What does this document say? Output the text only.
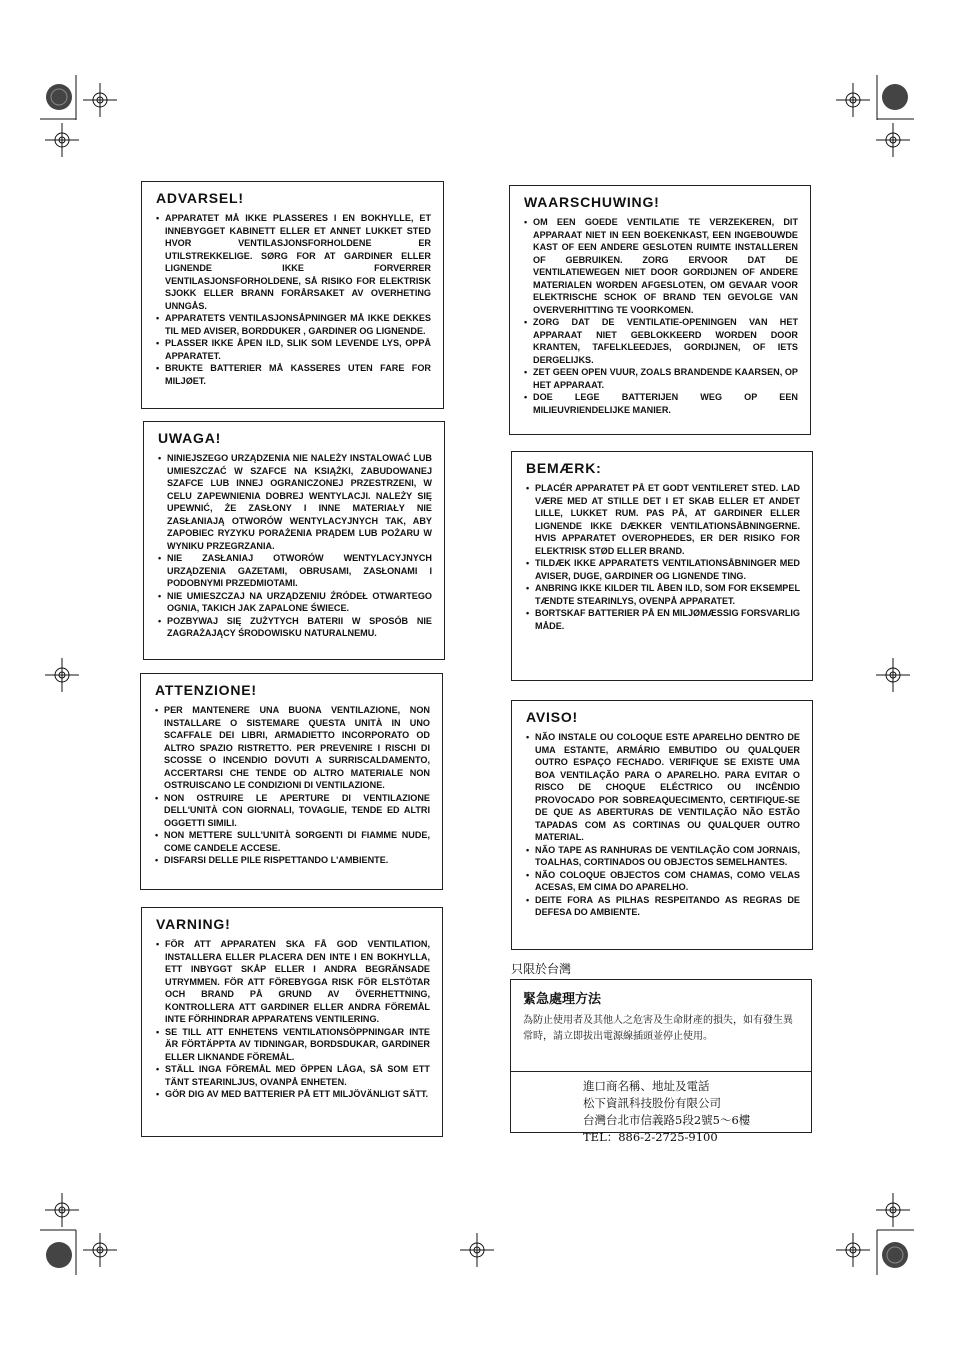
ADVARSEL!
• APPARATET MÅ IKKE PLASSERES I EN BOKHYLLE, ET INNEBYGGET KABINETT ELLER ET ANNET LUKKET STED HVOR VENTILASJONSFORHOLDENE ER UTILSTREKKELIGE. SØRG FOR AT GARDINER ELLER LIGNENDE IKKE FORVERRER VENTILASJONSFORHOLDENE, SÅ RISIKO FOR ELEKTRISK SJOKK ELLER BRANN FORÅRSAKET AV OVERHETING UNNGÅS.
• APPARATETS VENTILASJONSÅPNINGER MÅ IKKE DEKKES TIL MED AVISER, BORDDUKER , GARDINER OG LIGNENDE.
• PLASSER IKKE ÅPEN ILD, SLIK SOM LEVENDE LYS, OPPÅ APPARATET.
• BRUKTE BATTERIER MÅ KASSERES UTEN FARE FOR MILJØET.
UWAGA!
• NINIEJSZEGO URZĄDZENIA NIE NALEŻY INSTALOWAĆ LUB UMIESZCZAĆ W SZAFCE NA KSIĄŻKI, ZABUDOWANEJ SZAFCE LUB INNEJ OGRANICZONEJ PRZESTRZENI, W CELU ZAPEWNIENIA DOBREJ WENTYLACJI. NALEŻY SIĘ UPEWNIĆ, ŻE ZASŁONY I INNE MATERIAŁY NIE ZASŁANIAJĄ OTWORÓW WENTYLACYJNYCH TAK, ABY ZAPOBIEC RYZYKU PORAŻENIA PRĄDEM LUB POŻARU W WYNIKU PRZEGRZANIA.
• NIE ZASŁANIAJ OTWORÓW WENTYLACYJNYCH URZĄDZENIA GAZETAMI, OBRUSAMI, ZASŁONAMI I PODOBNYMI PRZEDMIOTAMI.
• NIE UMIESZCZAJ NA URZĄDZENIU ŹRÓDEŁ OTWARTEGO OGNIA, TAKICH JAK ZAPALONE ŚWIECE.
• POZBYWAJ SIĘ ZUŻYTYCH BATERII W SPOSÓB NIE ZAGRAŻAJĄCY ŚRODOWISKU NATURALNEMU.
ATTENZIONE!
• PER MANTENERE UNA BUONA VENTILAZIONE, NON INSTALLARE O SISTEMARE QUESTA UNITÀ IN UNO SCAFFALE DEI LIBRI, ARMADIETTO INCORPORATO OD ALTRO SPAZIO RISTRETTO. PER PREVENIRE I RISCHI DI SCOSSE O INCENDIO DOVUTI A SURRISCALDAMENTO, ACCERTARSI CHE TENDE OD ALTRO MATERIALE NON OSTRUISCANO LE CONDIZIONI DI VENTILAZIONE.
• NON OSTRUIRE LE APERTURE DI VENTILAZIONE DELL'UNITÀ CON GIORNALI, TOVAGLIE, TENDE ED ALTRI OGGETTI SIMILI.
• NON METTERE SULL'UNITÀ SORGENTI DI FIAMME NUDE, COME CANDELE ACCESE.
• DISFARSI DELLE PILE RISPETTANDO L'AMBIENTE.
VARNING!
• FÖR ATT APPARATEN SKA FÅ GOD VENTILATION, INSTALLERA ELLER PLACERA DEN INTE I EN BOKHYLLA, ETT INBYGGT SKÅP ELLER I ANDRA BEGRÄNSADE UTRYMMEN. FÖR ATT FÖREBYGGA RISK FÖR ELSTÖTAR OCH BRAND PÅ GRUND AV ÖVERHETTNING, KONTROLLERA ATT GARDINER ELLER ANDRA FÖREMÅL INTE FÖRHINDRAR APPARATENS VENTILERING.
• SE TILL ATT ENHETENS VENTILATIONSÖPPNINGAR INTE ÄR FÖRTÄPPTA AV TIDNINGAR, BORDSDUKAR, GARDINER ELLER LIKNANDE FÖREMÅL.
• STÄLL INGA FÖREMÅL MED ÖPPEN LÅGA, SÅ SOM ETT TÄNT STEARINLJUS, OVANPÅ ENHETEN.
• GÖR DIG AV MED BATTERIER PÅ ETT MILJÖVÄNLIGT SÄTT.
WAARSCHUWING!
• OM EEN GOEDE VENTILATIE TE VERZEKEREN, DIT APPARAAT NIET IN EEN BOEKENKAST, EEN INGEBOUWDE KAST OF EEN ANDERE GESLOTEN RUIMTE INSTALLEREN OF GEBRUIKEN. ZORG ERVOOR DAT DE VENTILATIEWEGEN NIET DOOR GORDIJNEN OF ANDERE MATERIALEN WORDEN AFGESLOTEN, OM GEVAAR VOOR ELEKTRISCHE SCHOK OF BRAND TEN GEVOLGE VAN OVERVERHITTING TE VOORKOMEN.
• ZORG DAT DE VENTILATIE-OPENINGEN VAN HET APPARAAT NIET GEBLOKKEERD WORDEN DOOR KRANTEN, TAFELKLEEDJES, GORDIJNEN, OF IETS DERGELIJKS.
• ZET GEEN OPEN VUUR, ZOALS BRANDENDE KAARSEN, OP HET APPARAAT.
• DOE LEGE BATTERIJEN WEG OP EEN MILIEUVRIENDELIJKE MANIER.
BEMÆRK:
• PLACÉR APPARATET PÅ ET GODT VENTILERET STED. LAD VÆRE MED AT STILLE DET I ET SKAB ELLER ET ANDET LILLE, LUKKET RUM. PAS PÅ, AT GARDINER ELLER LIGNENDE IKKE DÆKKER VENTILATIONSÅBNINGERNE. HVIS APPARATET OVEROPHEDES, ER DER RISIKO FOR ELEKTRISK STØD ELLER BRAND.
• TILDÆK IKKE APPARATETS VENTILATIONSÅBNINGER MED AVISER, DUGE, GARDINER OG LIGNENDE TING.
• ANBRING IKKE KILDER TIL ÅBEN ILD, SOM FOR EKSEMPEL TÆNDTE STEARINLYS, OVENPÅ APPARATET.
• BORTSKAF BATTERIER PÅ EN MILJØMÆSSIG FORSVARLIG MÅDE.
AVISO!
• NÃO INSTALE OU COLOQUE ESTE APARELHO DENTRO DE UMA ESTANTE, ARMÁRIO EMBUTIDO OU QUALQUER OUTRO ESPAÇO FECHADO. VERIFIQUE SE EXISTE UMA BOA VENTILAÇÃO PARA O APARELHO. PARA EVITAR O RISCO DE CHOQUE ELÉCTRICO OU INCÊNDIO PROVOCADO POR SOBREAQUECIMENTO, CERTIFIQUE-SE DE QUE AS ABERTURAS DE VENTILAÇÃO NÃO ESTÃO TAPADAS COM AS CORTINAS OU QUALQUER OUTRO MATERIAL.
• NÃO TAPE AS RANHURAS DE VENTILAÇÃO COM JORNAIS, TOALHAS, CORTINADOS OU OBJECTOS SEMELHANTES.
• NÃO COLOQUE OBJECTOS COM CHAMAS, COMO VELAS ACESAS, EM CIMA DO APARELHO.
• DEITE FORA AS PILHAS RESPEITANDO AS REGRAS DE DEFESA DO AMBIENTE.
只限於台灣
緊急處理方法

為防止使用者及其他人之危害及生命財產的損失，如有發生異常時，請立即拔出電源線插頭並停止使用。

進口商名稱、地址及電話
松下資訊科技股份有限公司
台灣台北市信義路5段2號5～6樓
TEL：886-2-2725-9100
